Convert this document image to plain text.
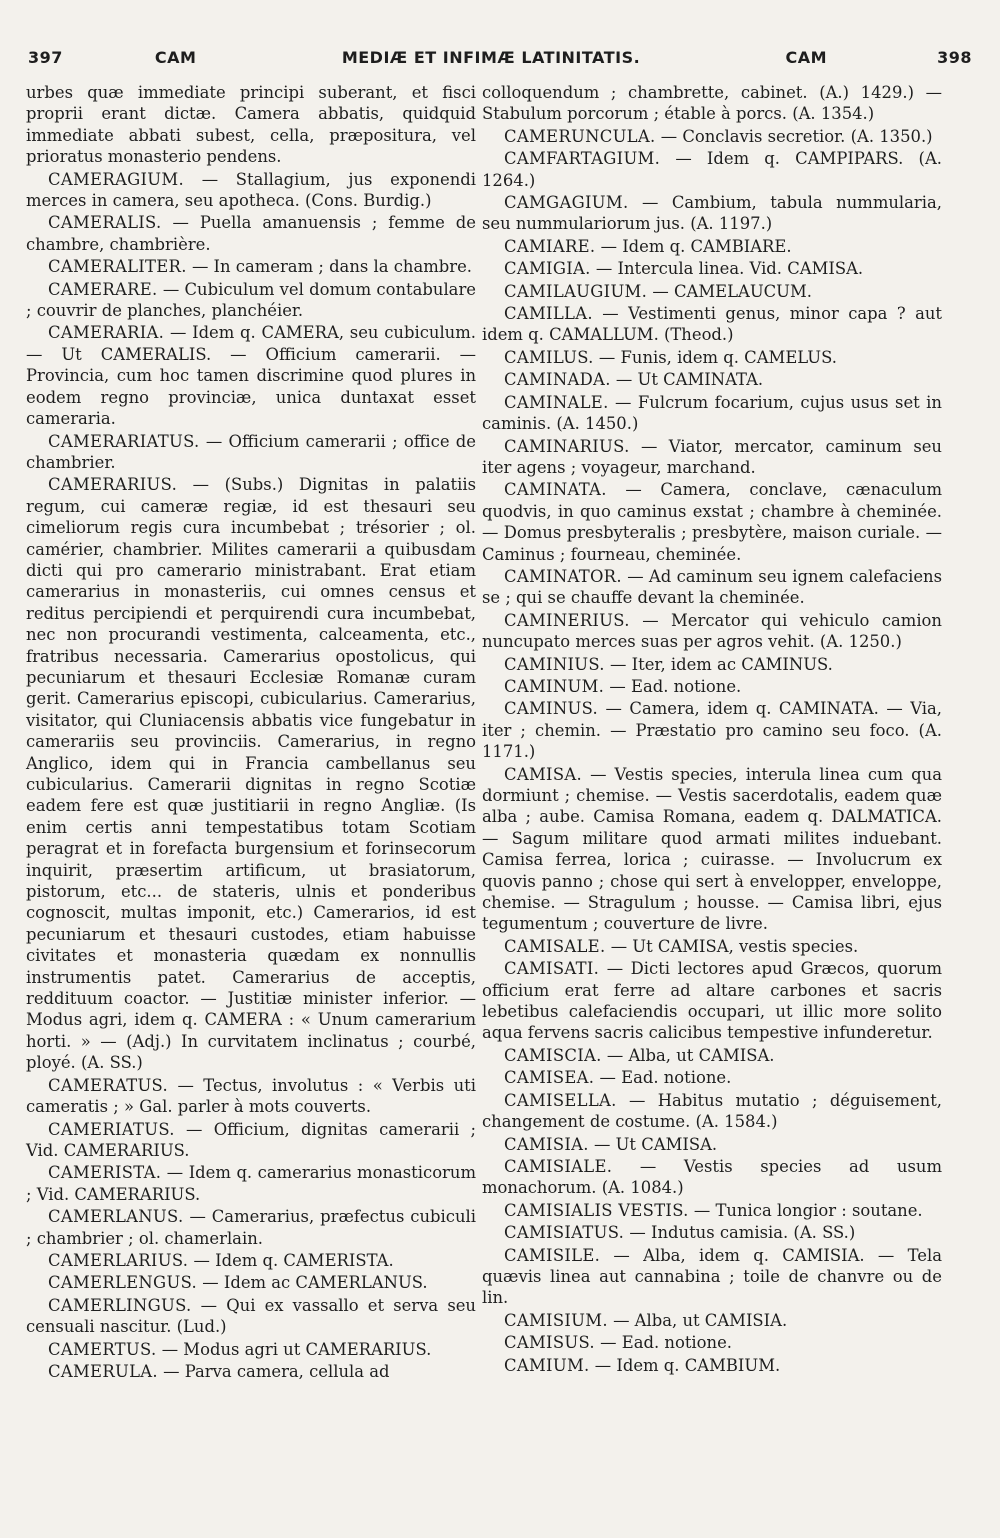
397	CAM	MEDIÆ ET INFIMÆ LATINITATIS.	CAM	398

urbes quæ immediate principi suberant, et fisci proprii erant dictæ. Camera abbatis, quidquid immediate abbati subest, cella, præpositura, vel prioratus monasterio pendens.

CAMERAGIUM. — Stallagium, jus exponendi merces in camera, seu apotheca. (Cons. Burdig.)

CAMERALIS. — Puella amanuensis ; femme de chambre, chambrière.

CAMERALITER. — In cameram ; dans la chambre.

CAMERARE. — Cubiculum vel domum contabulare ; couvrir de planches, planchéier.

CAMERARIA. — Idem q. CAMERA, seu cubiculum. — Ut CAMERALIS. — Officium camerarii. — Provincia, cum hoc tamen discrimine quod plures in eodem regno provinciæ, unica duntaxat esset cameraria.

CAMERARIATUS. — Officium camerarii ; office de chambrier.

CAMERARIUS. — (Subs.) Dignitas in palatiis regum, cui cameræ regiæ, id est thesauri seu cimeliorum regis cura incumbebat ; trésorier ; ol. camérier, chambrier. Milites camerarii a quibusdam dicti qui pro camerario ministrabant. Erat etiam camerarius in monasteriis, cui omnes census et reditus percipiendi et perquirendi cura incumbebat, nec non procurandi vestimenta, calceamenta, etc., fratribus necessaria. Camerarius opostolicus, qui pecuniarum et thesauri Ecclesiæ Romanæ curam gerit. Camerarius episcopi, cubicularius. Camerarius, visitator, qui Cluniacensis abbatis vice fungebatur in camerariis seu provinciis. Camerarius, in regno Anglico, idem qui in Francia cambellanus seu cubicularius. Camerarii dignitas in regno Scotiæ eadem fere est quæ justitiarii in regno Angliæ. (Is enim certis anni tempestatibus totam Scotiam peragrat et in forefacta burgensium et forinsecorum inquirit, præsertim artificum, ut brasiatorum, pistorum, etc... de stateris, ulnis et ponderibus cognoscit, multas imponit, etc.) Camerarios, id est pecuniarum et thesauri custodes, etiam habuisse civitates et monasteria quædam ex nonnullis instrumentis patet. Camerarius de acceptis, reddituum coactor. — Justitiæ minister inferior. — Modus agri, idem q. CAMERA : « Unum camerarium horti. » — (Adj.) In curvitatem inclinatus ; courbé, ployé. (A. SS.)

CAMERATUS. — Tectus, involutus : « Verbis uti cameratis ; » Gal. parler à mots couverts.

CAMERIATUS. — Officium, dignitas camerarii ; Vid. CAMERARIUS.

CAMERISTA. — Idem q. camerarius monasticorum ; Vid. CAMERARIUS.

CAMERLANUS. — Camerarius, præfectus cubiculi ; chambrier ; ol. chamerlain.

CAMERLARIUS. — Idem q. CAMERISTA.

CAMERLENGUS. — Idem ac CAMERLANUS.

CAMERLINGUS. — Qui ex vassallo et serva seu censuali nascitur. (Lud.)

CAMERTUS. — Modus agri ut CAMERARIUS.

CAMERULA. — Parva camera, cellula ad

colloquendum ; chambrette, cabinet. (A.) 1429.) — Stabulum porcorum ; étable à porcs. (A. 1354.)

CAMERUNCULA. — Conclavis secretior. (A. 1350.)

CAMFARTAGIUM. — Idem q. CAMPIPARS. (A. 1264.)

CAMGAGIUM. — Cambium, tabula nummularia, seu nummulariorum jus. (A. 1197.)

CAMIARE. — Idem q. CAMBIARE.

CAMIGIA. — Intercula linea. Vid. CAMISA.

CAMILAUGIUM. — CAMELAUCUM.

CAMILLA. — Vestimenti genus, minor capa ? aut idem q. CAMALLUM. (Theod.)

CAMILUS. — Funis, idem q. CAMELUS.

CAMINADA. — Ut CAMINATA.

CAMINALE. — Fulcrum focarium, cujus usus set in caminis. (A. 1450.)

CAMINARIUS. — Viator, mercator, caminum seu iter agens ; voyageur, marchand.

CAMINATA. — Camera, conclave, cænaculum quodvis, in quo caminus exstat ; chambre à cheminée. — Domus presbyteralis ; presbytère, maison curiale. — Caminus ; fourneau, cheminée.

CAMINATOR. — Ad caminum seu ignem calefaciens se ; qui se chauffe devant la cheminée.

CAMINERIUS. — Mercator qui vehiculo camion nuncupato merces suas per agros vehit. (A. 1250.)

CAMINIUS. — Iter, idem ac CAMINUS.

CAMINUM. — Ead. notione.

CAMINUS. — Camera, idem q. CAMINATA. — Via, iter ; chemin. — Præstatio pro camino seu foco. (A. 1171.)

CAMISA. — Vestis species, interula linea cum qua dormiunt ; chemise. — Vestis sacerdotalis, eadem quæ alba ; aube. Camisa Romana, eadem q. DALMATICA. — Sagum militare quod armati milites induebant. Camisa ferrea, lorica ; cuirasse. — Involucrum ex quovis panno ; chose qui sert à envelopper, enveloppe, chemise. — Stragulum ; housse. — Camisa libri, ejus tegumentum ; couverture de livre.

CAMISALE. — Ut CAMISA, vestis species.

CAMISATI. — Dicti lectores apud Græcos, quorum officium erat ferre ad altare carbones et sacris lebetibus calefaciendis occupari, ut illic more solito aqua fervens sacris calicibus tempestive infunderetur.

CAMISCIA. — Alba, ut CAMISA.

CAMISEA. — Ead. notione.

CAMISELLA. — Habitus mutatio ; déguisement, changement de costume. (A. 1584.)

CAMISIA. — Ut CAMISA.

CAMISIALE. — Vestis species ad usum monachorum. (A. 1084.)

CAMISIALIS VESTIS. — Tunica longior : soutane.

CAMISIATUS. — Indutus camisia. (A. SS.)

CAMISILE. — Alba, idem q. CAMISIA. — Tela quævis linea aut cannabina ; toile de chanvre ou de lin.

CAMISIUM. — Alba, ut CAMISIA.

CAMISUS. — Ead. notione.

CAMIUM. — Idem q. CAMBIUM.
